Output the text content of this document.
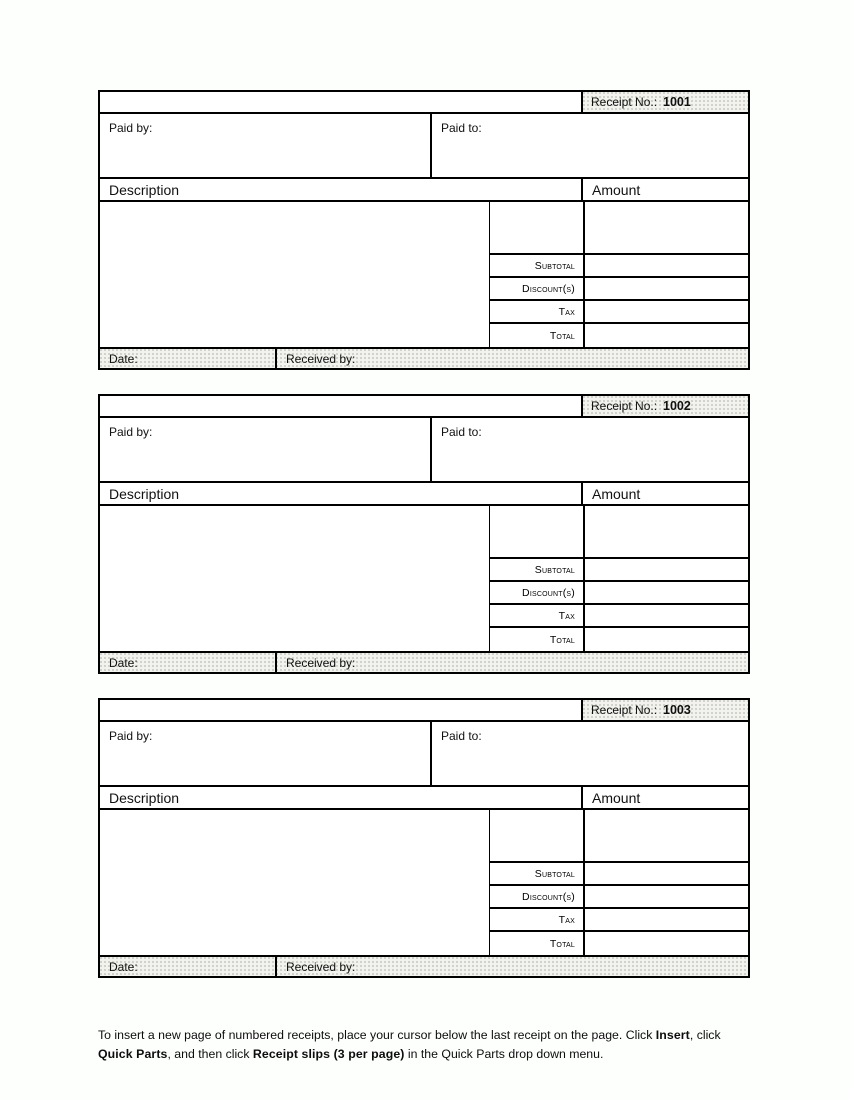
Receipt No.: 1001
Paid by:	Paid to:
Description	Amount
Subtotal
Discount(s)
Tax
Total
Date:	Received by:
Receipt No.: 1002
Paid by:	Paid to:
Description	Amount
Subtotal
Discount(s)
Tax
Total
Date:	Received by:
Receipt No.: 1003
Paid by:	Paid to:
Description	Amount
Subtotal
Discount(s)
Tax
Total
Date:	Received by:

To insert a new page of numbered receipts, place your cursor below the last receipt on the page. Click Insert, click Quick Parts, and then click Receipt slips (3 per page) in the Quick Parts drop down menu.
